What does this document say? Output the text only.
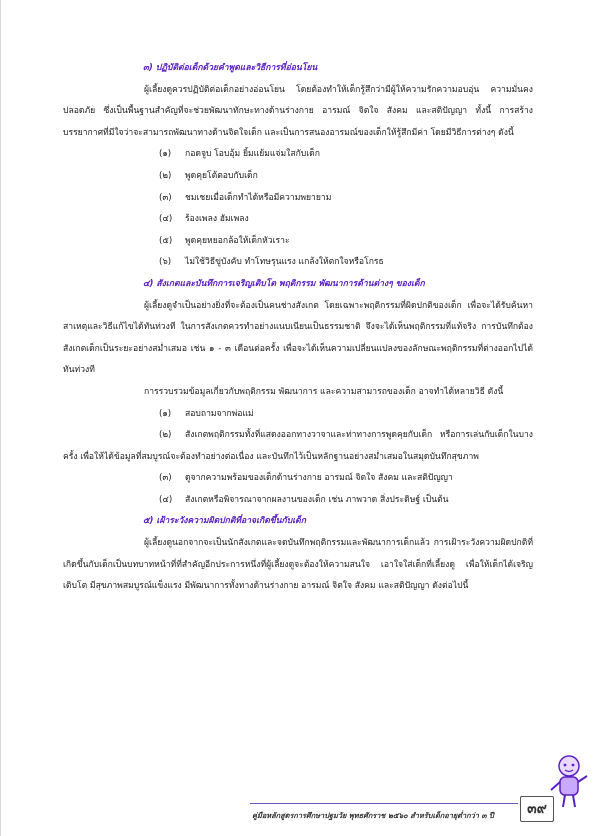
๓) ปฏิบัติต่อเด็กด้วยคำพูดและวิธีการที่อ่อนโยน

ผู้เลี้ยงดูควรปฏิบัติต่อเด็กอย่างอ่อนโยน โดยต้องทำให้เด็กรู้สึกว่ามีผู้ให้ความรักความอบอุ่น ความมั่นคงปลอดภัย ซึ่งเป็นพื้นฐานสำคัญที่จะช่วยพัฒนาทักษะทางด้านร่างกาย อารมณ์ จิตใจ สังคม และสติปัญญา ทั้งนี้ การสร้างบรรยากาศที่มีใจว่าจะสามารถพัฒนาทางด้านจิตใจเด็ก และเป็นการสนองอารมณ์ของเด็กให้รู้สึกมีค่า โดยมีวิธีการต่างๆ ดังนี้

(๑) กอดจูบ โอบอุ้ม ยิ้มแย้มแจ่มใสกับเด็ก
(๒) พูดคุยโต้ตอบกับเด็ก
(๓) ชมเชยเมื่อเด็กทำได้หรือมีความพยายาม
(๔) ร้องเพลง ฮัมเพลง
(๕) พูดคุยหยอกล้อให้เด็กหัวเราะ
(๖) ไม่ใช้วิธีขู่บังคับ ทำโทษรุนแรง แกล้งให้ตกใจหรือโกรธ
๔) สังเกตและบันทึกการเจริญเติบโต พฤติกรรม พัฒนาการด้านต่างๆ ของเด็ก

ผู้เลี้ยงดูจำเป็นอย่างยิ่งที่จะต้องเป็นคนช่างสังเกต โดยเฉพาะพฤติกรรมที่ผิดปกติของเด็ก เพื่อจะได้รับค้นหาสาเหตุและวิธีแก้ไขได้ทันท่วงที ในการสังเกตควรทำอย่างแนบเนียนเป็นธรรมชาติ จึงจะได้เห็นพฤติกรรมที่แท้จริง การบันทึกต้องสังเกตเด็กเป็นระยะอย่างสม่ำเสมอ เช่น ๑ - ๓ เดือนต่อครั้ง เพื่อจะได้เห็นความเปลี่ยนแปลงของลักษณะพฤติกรรมที่ต่างออกไปได้ทันท่วงที

การรวบรวมข้อมูลเกี่ยวกับพฤติกรรม พัฒนาการ และความสามารถของเด็ก อาจทำได้หลายวิธี ดังนี้

(๑) สอบถามจากพ่อแม่

(๒) สังเกตพฤติกรรมทั้งที่แสดงออกทางวาจาและท่าทางการพูดคุยกับเด็ก หรือการเล่นกับเด็กในบางครั้ง เพื่อให้ได้ข้อมูลที่สมบูรณ์จะต้องทำอย่างต่อเนื่อง และบันทึกไว้เป็นหลักฐานอย่างสม่ำเสมอในสมุดบันทึกสุขภาพ

(๓) ดูจากความพร้อมของเด็กด้านร่างกาย อารมณ์ จิตใจ สังคม และสติปัญญา
(๔) สังเกตหรือพิจารณาจากผลงานของเด็ก เช่น ภาพวาด สิ่งประดิษฐ์ เป็นต้น
๕) เฝ้าระวังความผิดปกติที่อาจเกิดขึ้นกับเด็ก

ผู้เลี้ยงดูนอกจากจะเป็นนักสังเกตและจดบันทึกพฤติกรรมและพัฒนาการเด็กแล้ว การเฝ้าระวังความผิดปกติที่เกิดขึ้นกับเด็กเป็นบทบาทหน้าที่ที่สำคัญอีกประการหนึ่งที่ผู้เลี้ยงดูจะต้องให้ความสนใจ เอาใจใส่เด็กที่เลี้ยงดู เพื่อให้เด็กได้เจริญเติบโต มีสุขภาพสมบูรณ์แข็งแรง มีพัฒนาการทั้งทางด้านร่างกาย อารมณ์ จิตใจ สังคม และสติปัญญา ดังต่อไปนี้

คู่มือหลักสูตรการศึกษาปฐมวัย พุทธศักราช ๒๕๖๐ สำหรับเด็กอายุต่ำกว่า ๓ ปี	๓๙
